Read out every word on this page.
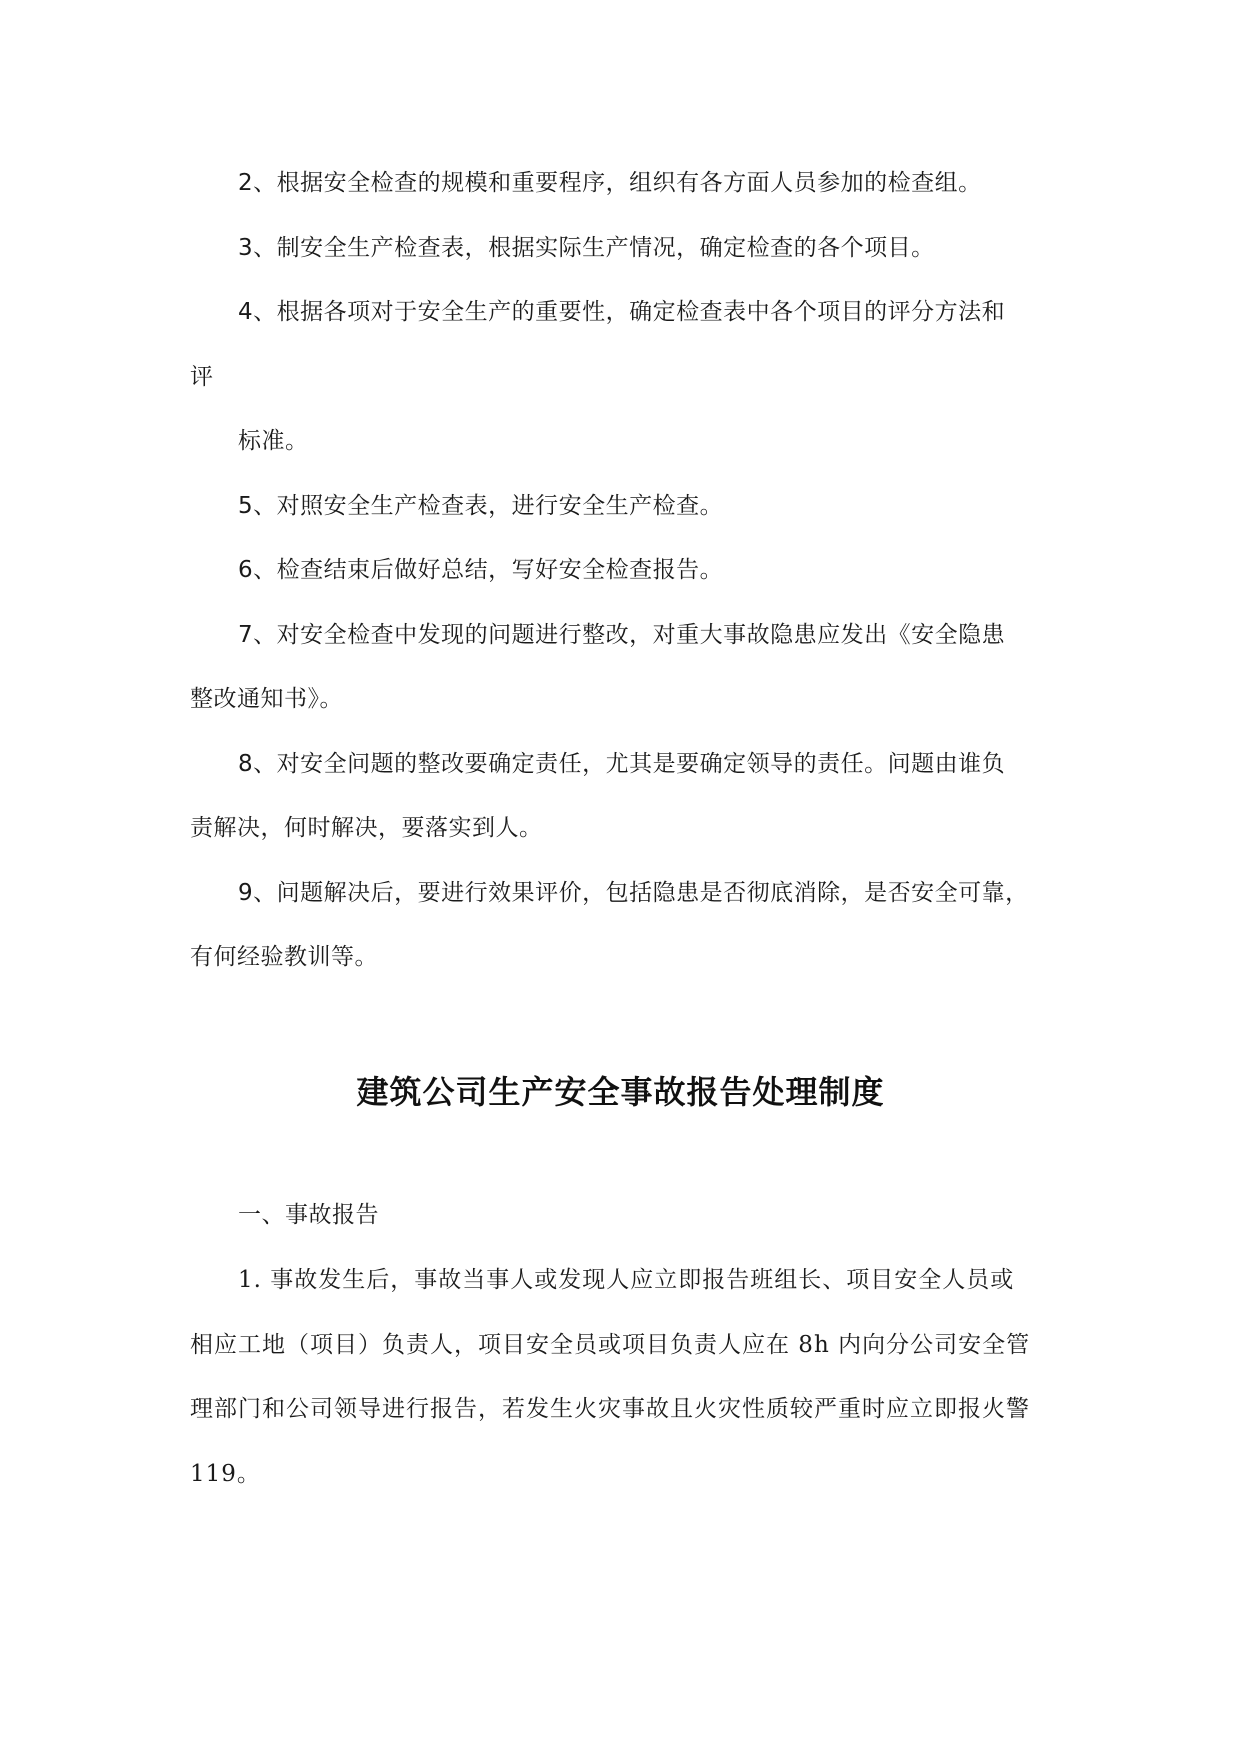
2、根据安全检查的规模和重要程序，组织有各方面人员参加的检查组。
3、制安全生产检查表，根据实际生产情况，确定检查的各个项目。
4、根据各项对于安全生产的重要性，确定检查表中各个项目的评分方法和
评
标准。
5、对照安全生产检查表，进行安全生产检查。
6、检查结束后做好总结，写好安全检查报告。
7、对安全检查中发现的问题进行整改，对重大事故隐患应发出《安全隐患
整改通知书》。
8、对安全问题的整改要确定责任，尤其是要确定领导的责任。问题由谁负
责解决，何时解决，要落实到人。
9、问题解决后，要进行效果评价，包括隐患是否彻底消除，是否安全可靠，
有何经验教训等。
建筑公司生产安全事故报告处理制度
一、事故报告
1. 事故发生后，事故当事人或发现人应立即报告班组长、项目安全人员或
相应工地（项目）负责人，项目安全员或项目负责人应在 8h 内向分公司安全管
理部门和公司领导进行报告，若发生火灾事故且火灾性质较严重时应立即报火警
119。
